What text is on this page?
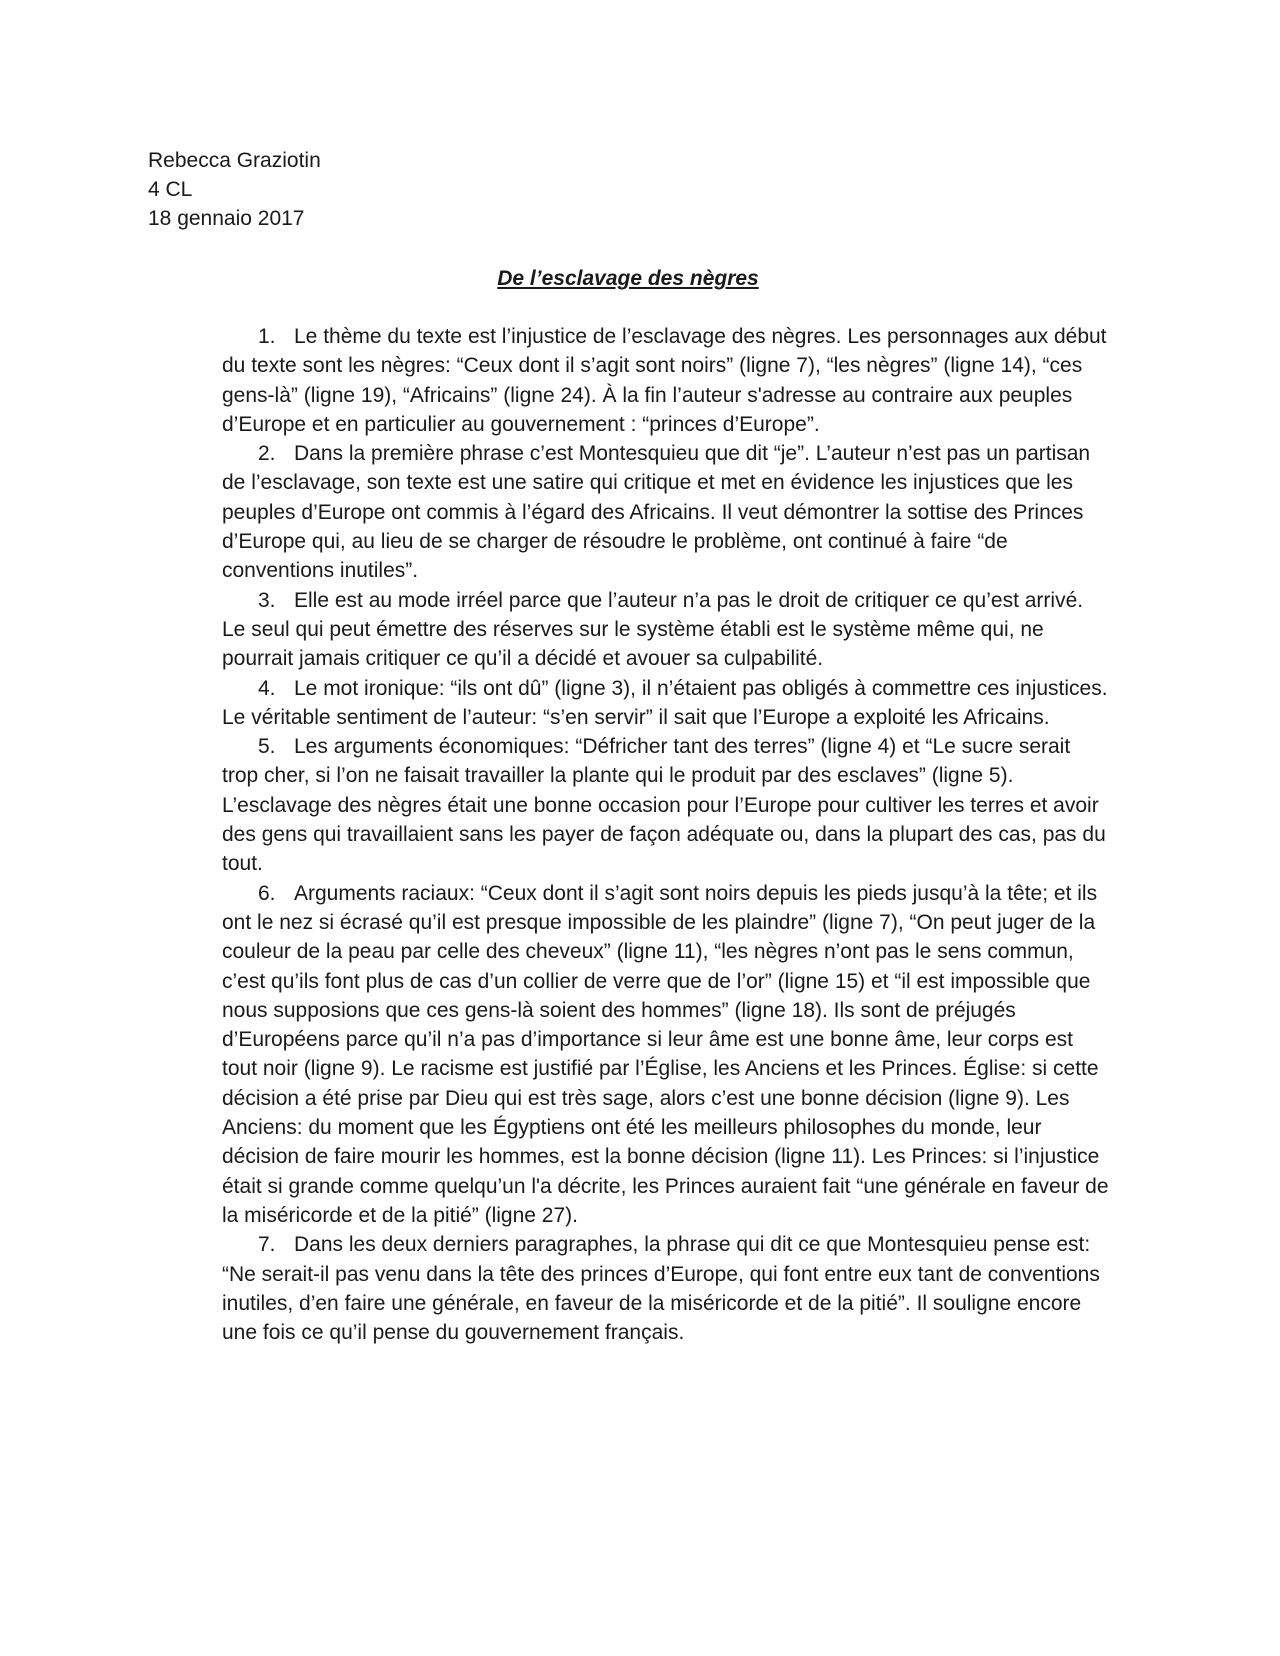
Rebecca Graziotin
4 CL
18 gennaio 2017
De l’esclavage des nègres
1. Le thème du texte est l’injustice de l’esclavage des nègres. Les personnages aux début du texte sont les nègres: “Ceux dont il s’agit sont noirs” (ligne 7), “les nègres” (ligne 14), “ces gens-là” (ligne 19), “Africains” (ligne 24). À la fin l’auteur s'adresse au contraire aux peuples d’Europe et en particulier au gouvernement : “princes d’Europe”.
2. Dans la première phrase c’est Montesquieu que dit “je”. L’auteur n’est pas un partisan de l’esclavage, son texte est une satire qui critique et met en évidence les injustices que les peuples d’Europe ont commis à l’égard des Africains. Il veut démontrer la sottise des Princes d’Europe qui, au lieu de se charger de résoudre le problème, ont continué à faire “de conventions inutiles”.
3. Elle est au mode irréel parce que l’auteur n’a pas le droit de critiquer ce qu’est arrivé. Le seul qui peut émettre des réserves sur le système établi est le système même qui, ne pourrait jamais critiquer ce qu’il a décidé et avouer sa culpabilité.
4. Le mot ironique: “ils ont dû” (ligne 3), il n’étaient pas obligés à commettre ces injustices. Le véritable sentiment de l’auteur: “s’en servir” il sait que l’Europe a exploité les Africains.
5. Les arguments économiques: “Défricher tant des terres” (ligne 4) et “Le sucre serait trop cher, si l’on ne faisait travailler la plante qui le produit par des esclaves” (ligne 5). L’esclavage des nègres était une bonne occasion pour l’Europe pour cultiver les terres et avoir des gens qui travaillaient sans les payer de façon adéquate ou, dans la plupart des cas, pas du tout.
6. Arguments raciaux: “Ceux dont il s’agit sont noirs depuis les pieds jusqu’à la tête; et ils ont le nez si écrasé qu’il est presque impossible de les plaindre” (ligne 7), “On peut juger de la couleur de la peau par celle des cheveux” (ligne 11), “les nègres n’ont pas le sens commun, c’est qu’ils font plus de cas d’un collier de verre que de l’or” (ligne 15) et “il est impossible que nous supposions que ces gens-là soient des hommes” (ligne 18). Ils sont de préjugés d’Européens parce qu’il n’a pas d’importance si leur âme est une bonne âme, leur corps est tout noir (ligne 9). Le racisme est justifié par l’Église, les Anciens et les Princes. Église: si cette décision a été prise par Dieu qui est très sage, alors c’est une bonne décision (ligne 9). Les Anciens: du moment que les Égyptiens ont été les meilleurs philosophes du monde, leur décision de faire mourir les hommes, est la bonne décision (ligne 11). Les Princes: si l’injustice était si grande comme quelqu’un l'a décrite, les Princes auraient fait “une générale en faveur de la miséricorde et de la pitié” (ligne 27).
7. Dans les deux derniers paragraphes, la phrase qui dit ce que Montesquieu pense est: “Ne serait-il pas venu dans la tête des princes d’Europe, qui font entre eux tant de conventions inutiles, d’en faire une générale, en faveur de la miséricorde et de la pitié”. Il souligne encore une fois ce qu’il pense du gouvernement français.
